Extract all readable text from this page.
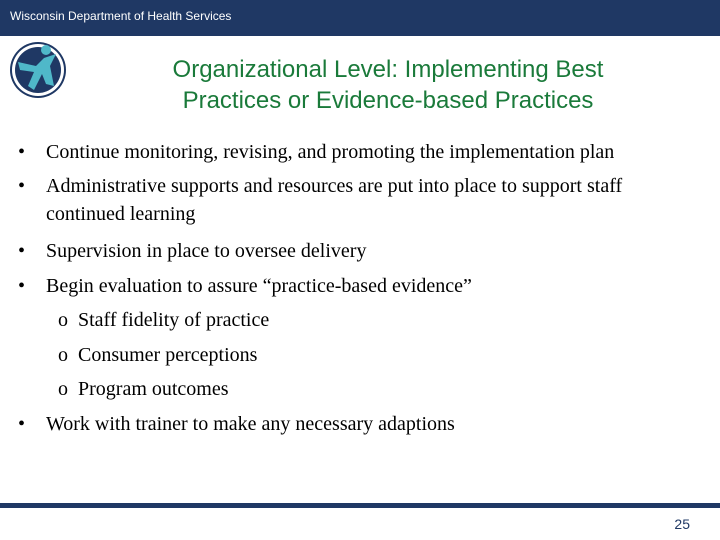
Wisconsin Department of Health Services
Organizational Level: Implementing Best
Practices or Evidence-based Practices
• Continue monitoring, revising, and promoting the implementation plan
• Administrative supports and resources are put into place to support staff continued learning
• Supervision in place to oversee delivery
• Begin evaluation to assure “practice-based evidence”
o Staff fidelity of practice
o Consumer perceptions
o Program outcomes
• Work with trainer to make any necessary adaptions
25
